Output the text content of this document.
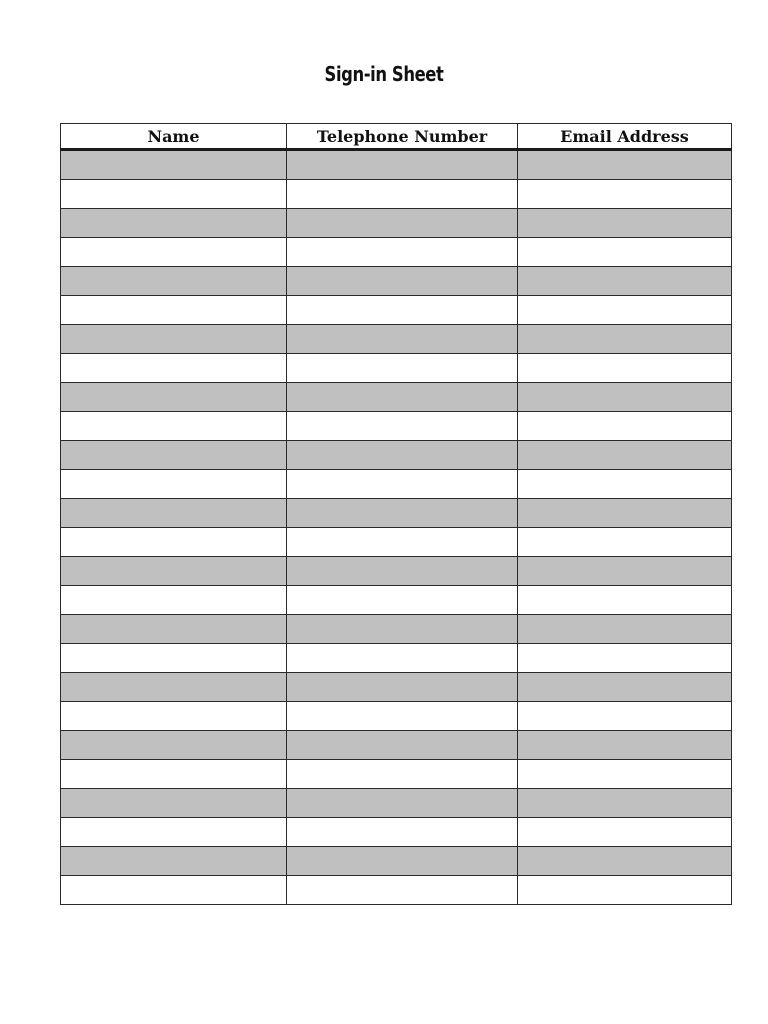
Sign-in Sheet
Name	Telephone Number	Email Address
